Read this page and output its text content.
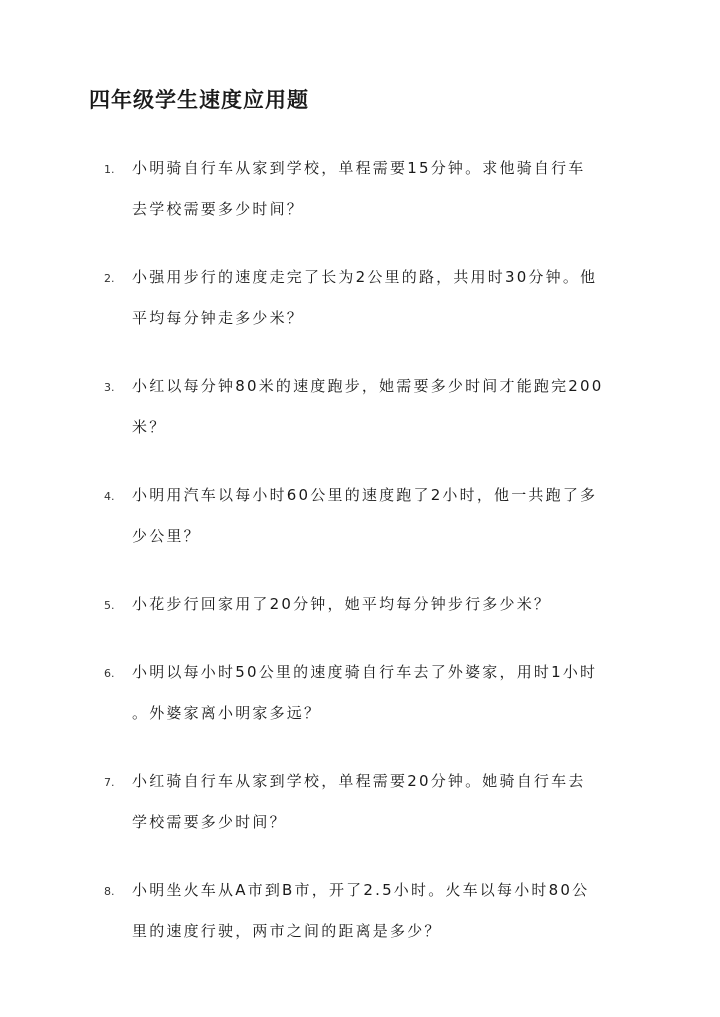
四年级学生速度应用题
1. 小明骑自行车从家到学校，单程需要15分钟。求他骑自行车
去学校需要多少时间？
2. 小强用步行的速度走完了长为2公里的路，共用时30分钟。他
平均每分钟走多少米？
3. 小红以每分钟80米的速度跑步，她需要多少时间才能跑完200
米？
4. 小明用汽车以每小时60公里的速度跑了2小时，他一共跑了多
少公里？
5. 小花步行回家用了20分钟，她平均每分钟步行多少米？
6. 小明以每小时50公里的速度骑自行车去了外婆家，用时1小时
。外婆家离小明家多远？
7. 小红骑自行车从家到学校，单程需要20分钟。她骑自行车去
学校需要多少时间？
8. 小明坐火车从A市到B市，开了2.5小时。火车以每小时80公
里的速度行驶，两市之间的距离是多少？
